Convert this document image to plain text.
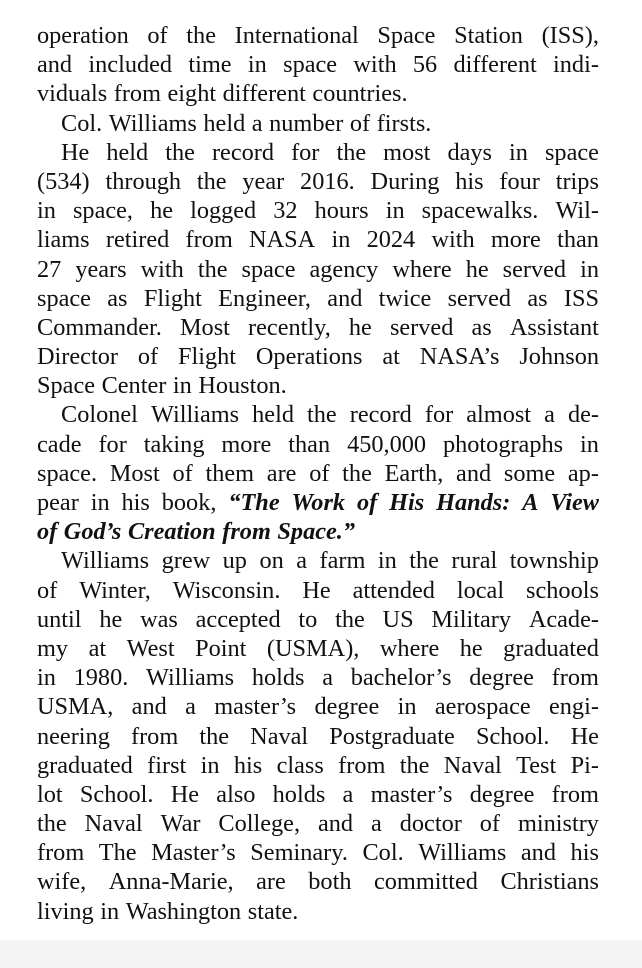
operation of the International Space Station (ISS),
and included time in space with 56 different indi-
viduals from eight different countries.
Col. Williams held a number of firsts.
He held the record for the most days in space
(534) through the year 2016. During his four trips
in space, he logged 32 hours in spacewalks. Wil-
liams retired from NASA in 2024 with more than
27 years with the space agency where he served in
space as Flight Engineer, and twice served as ISS
Commander. Most recently, he served as Assistant
Director of Flight Operations at NASA’s Johnson
Space Center in Houston.
Colonel Williams held the record for almost a de-
cade for taking more than 450,000 photographs in
space. Most of them are of the Earth, and some ap-
pear in his book, “The Work of His Hands: A View
of God’s Creation from Space.”
Williams grew up on a farm in the rural township
of Winter, Wisconsin. He attended local schools
until he was accepted to the US Military Acade-
my at West Point (USMA), where he graduated
in 1980. Williams holds a bachelor’s degree from
USMA, and a master’s degree in aerospace engi-
neering from the Naval Postgraduate School. He
graduated first in his class from the Naval Test Pi-
lot School. He also holds a master’s degree from
the Naval War College, and a doctor of ministry
from The Master’s Seminary. Col. Williams and his
wife, Anna-Marie, are both committed Christians
living in Washington state.
